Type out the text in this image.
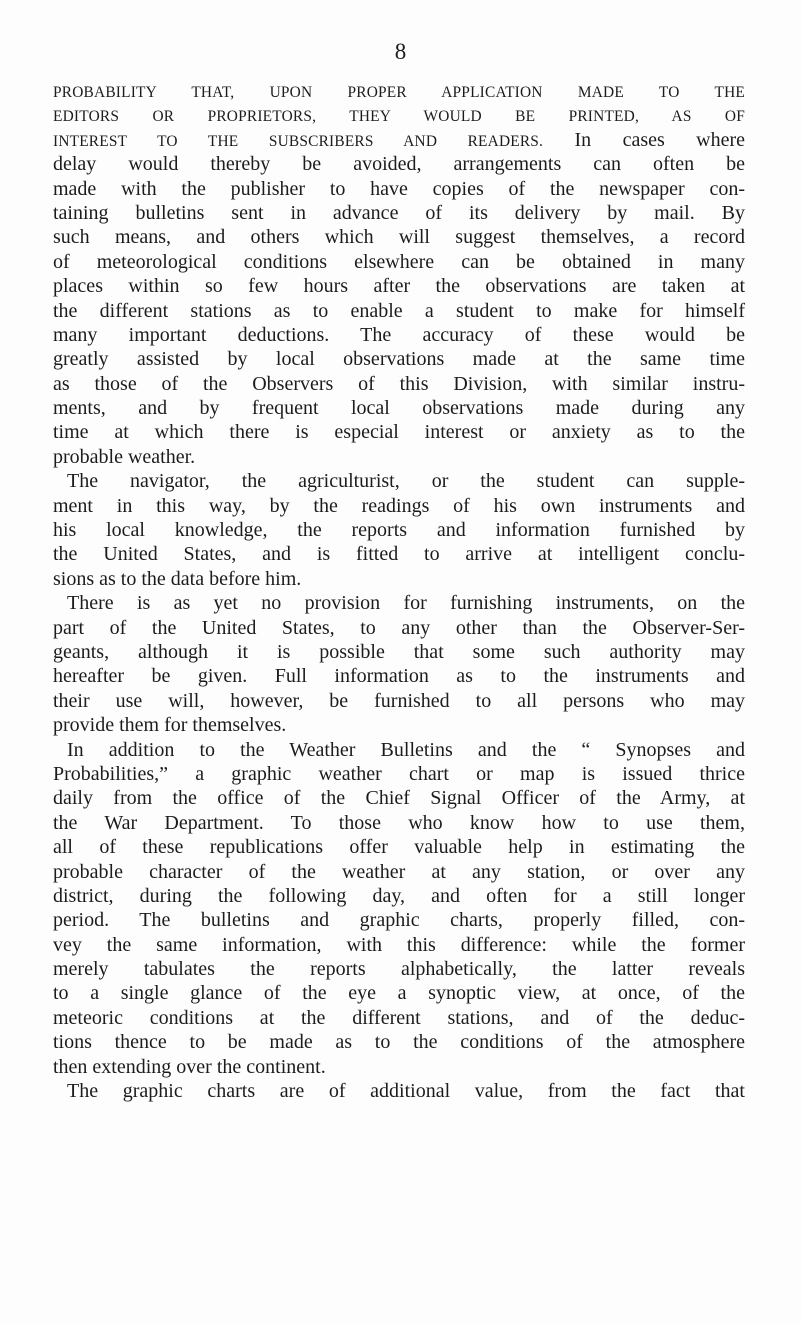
8
PROBABILITY THAT, UPON PROPER APPLICATION MADE TO THE
EDITORS OR PROPRIETORS, THEY WOULD BE PRINTED, AS OF
INTEREST TO THE SUBSCRIBERS AND READERS. In cases where
delay would thereby be avoided, arrangements can often be
made with the publisher to have copies of the newspaper con-
taining bulletins sent in advance of its delivery by mail. By
such means, and others which will suggest themselves, a record
of meteorological conditions elsewhere can be obtained in many
places within so few hours after the observations are taken at
the different stations as to enable a student to make for himself
many important deductions. The accuracy of these would be
greatly assisted by local observations made at the same time
as those of the Observers of this Division, with similar instru-
ments, and by frequent local observations made during any
time at which there is especial interest or anxiety as to the
probable weather.
The navigator, the agriculturist, or the student can supple-
ment in this way, by the readings of his own instruments and
his local knowledge, the reports and information furnished by
the United States, and is fitted to arrive at intelligent conclu-
sions as to the data before him.
There is as yet no provision for furnishing instruments, on the
part of the United States, to any other than the Observer-Ser-
geants, although it is possible that some such authority may
hereafter be given. Full information as to the instruments and
their use will, however, be furnished to all persons who may
provide them for themselves.
In addition to the Weather Bulletins and the “ Synopses and
Probabilities,” a graphic weather chart or map is issued thrice
daily from the office of the Chief Signal Officer of the Army, at
the War Department. To those who know how to use them,
all of these republications offer valuable help in estimating the
probable character of the weather at any station, or over any
district, during the following day, and often for a still longer
period. The bulletins and graphic charts, properly filled, con-
vey the same information, with this difference: while the former
merely tabulates the reports alphabetically, the latter reveals
to a single glance of the eye a synoptic view, at once, of the
meteoric conditions at the different stations, and of the deduc-
tions thence to be made as to the conditions of the atmosphere
then extending over the continent.
The graphic charts are of additional value, from the fact that
